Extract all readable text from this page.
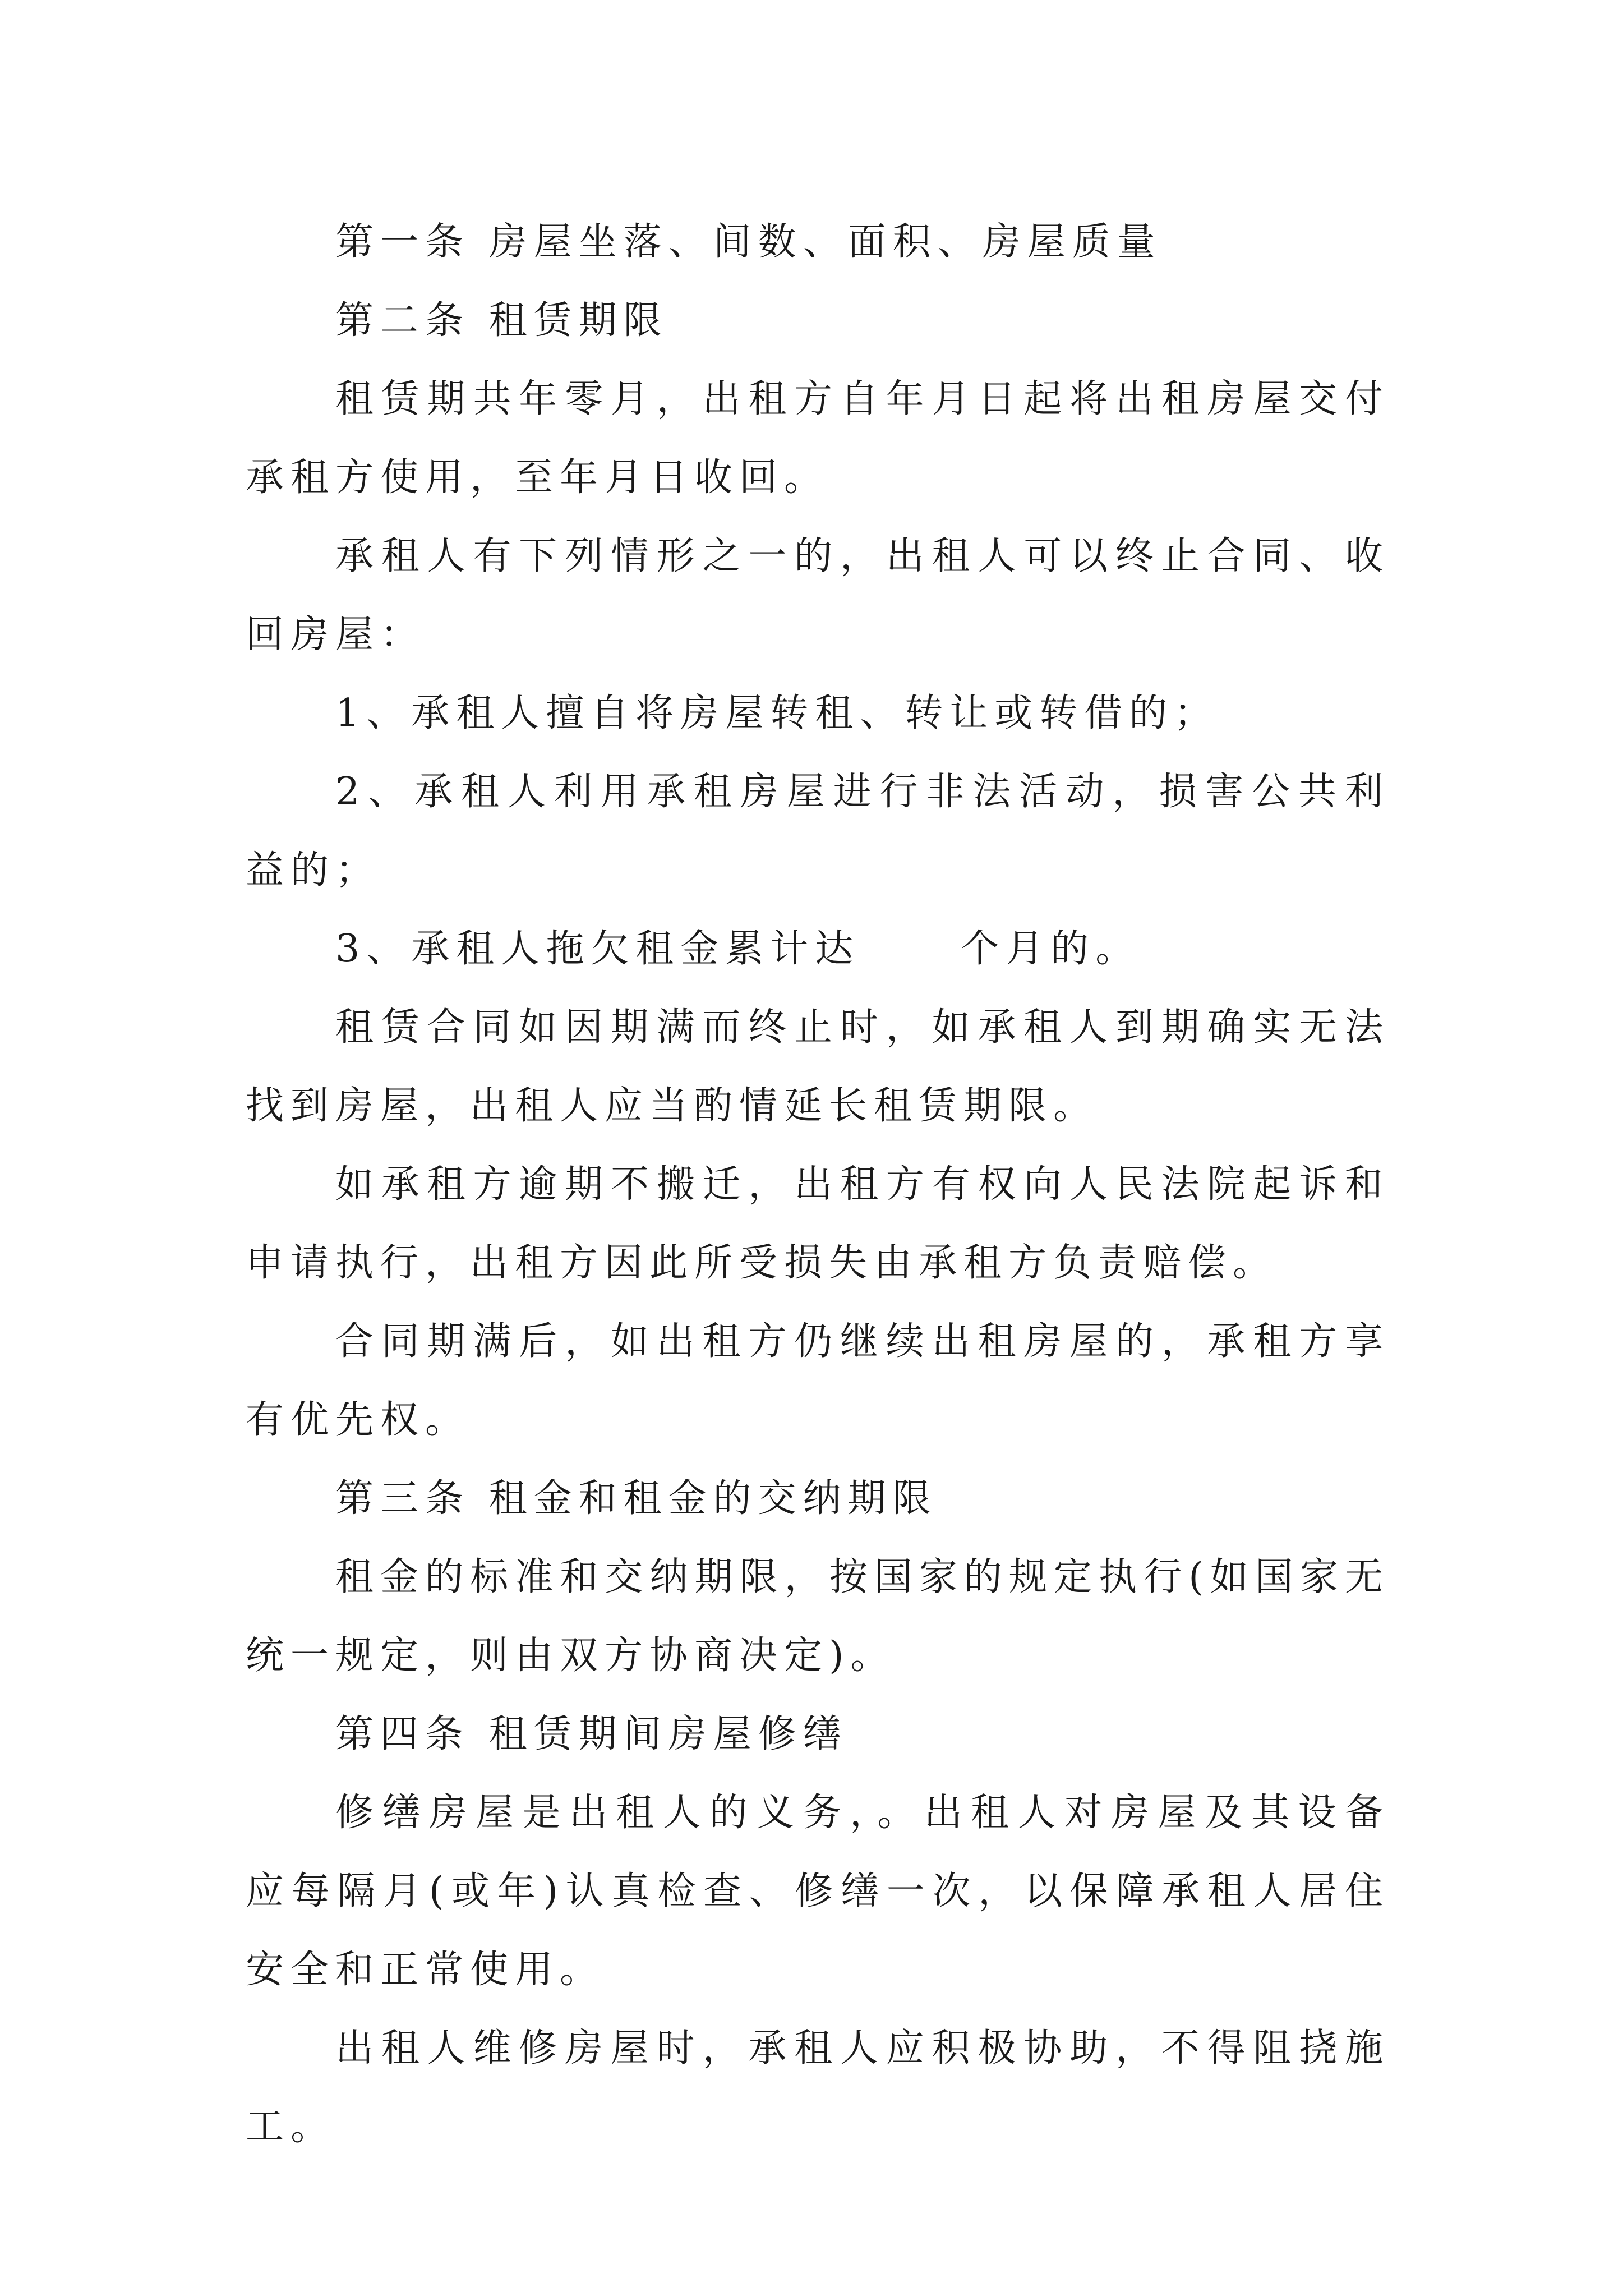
第一条 房屋坐落、间数、面积、房屋质量

第二条 租赁期限

租赁期共年零月，出租方自年月日起将出租房屋交付承租方使用，至年月日收回。

承租人有下列情形之一的，出租人可以终止合同、收回房屋：

1、承租人擅自将房屋转租、转让或转借的；

2、承租人利用承租房屋进行非法活动，损害公共利益的；

3、承租人拖欠租金累计达	个月的。

租赁合同如因期满而终止时，如承租人到期确实无法找到房屋，出租人应当酌情延长租赁期限。

如承租方逾期不搬迁，出租方有权向人民法院起诉和申请执行，出租方因此所受损失由承租方负责赔偿。

合同期满后，如出租方仍继续出租房屋的，承租方享有优先权。

第三条 租金和租金的交纳期限

租金的标准和交纳期限，按国家的规定执行(如国家无统一规定，则由双方协商决定)。

第四条 租赁期间房屋修缮

修缮房屋是出租人的义务，。出租人对房屋及其设备应每隔月(或年)认真检查、修缮一次，以保障承租人居住安全和正常使用。

出租人维修房屋时，承租人应积极协助，不得阻挠施工。
